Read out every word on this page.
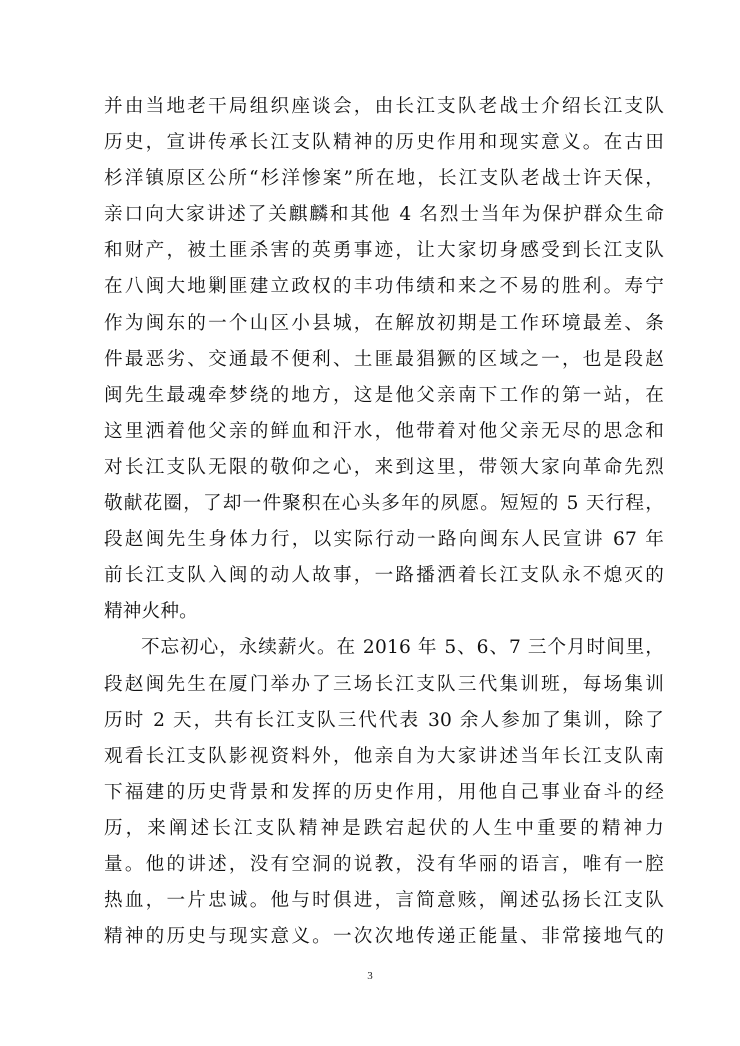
并由当地老干局组织座谈会，由长江支队老战士介绍长江支队
历史，宣讲传承长江支队精神的历史作用和现实意义。在古田
杉洋镇原区公所“杉洋惨案”所在地，长江支队老战士许天保，
亲口向大家讲述了关麒麟和其他 4 名烈士当年为保护群众生命
和财产，被土匪杀害的英勇事迹，让大家切身感受到长江支队
在八闽大地剿匪建立政权的丰功伟绩和来之不易的胜利。寿宁
作为闽东的一个山区小县城，在解放初期是工作环境最差、条
件最恶劣、交通最不便利、土匪最猖獗的区域之一，也是段赵
闽先生最魂牵梦绕的地方，这是他父亲南下工作的第一站，在
这里洒着他父亲的鲜血和汗水，他带着对他父亲无尽的思念和
对长江支队无限的敬仰之心，来到这里，带领大家向革命先烈
敬献花圈，了却一件聚积在心头多年的夙愿。短短的 5 天行程，
段赵闽先生身体力行，以实际行动一路向闽东人民宣讲 67 年
前长江支队入闽的动人故事，一路播洒着长江支队永不熄灭的
精神火种。
不忘初心，永续薪火。在 2016 年 5、6、7 三个月时间里，
段赵闽先生在厦门举办了三场长江支队三代集训班，每场集训
历时 2 天，共有长江支队三代代表 30 余人参加了集训，除了
观看长江支队影视资料外，他亲自为大家讲述当年长江支队南
下福建的历史背景和发挥的历史作用，用他自己事业奋斗的经
历，来阐述长江支队精神是跌宕起伏的人生中重要的精神力
量。他的讲述，没有空洞的说教，没有华丽的语言，唯有一腔
热血，一片忠诚。他与时俱进，言简意赅，阐述弘扬长江支队
精神的历史与现实意义。一次次地传递正能量、非常接地气的
3
